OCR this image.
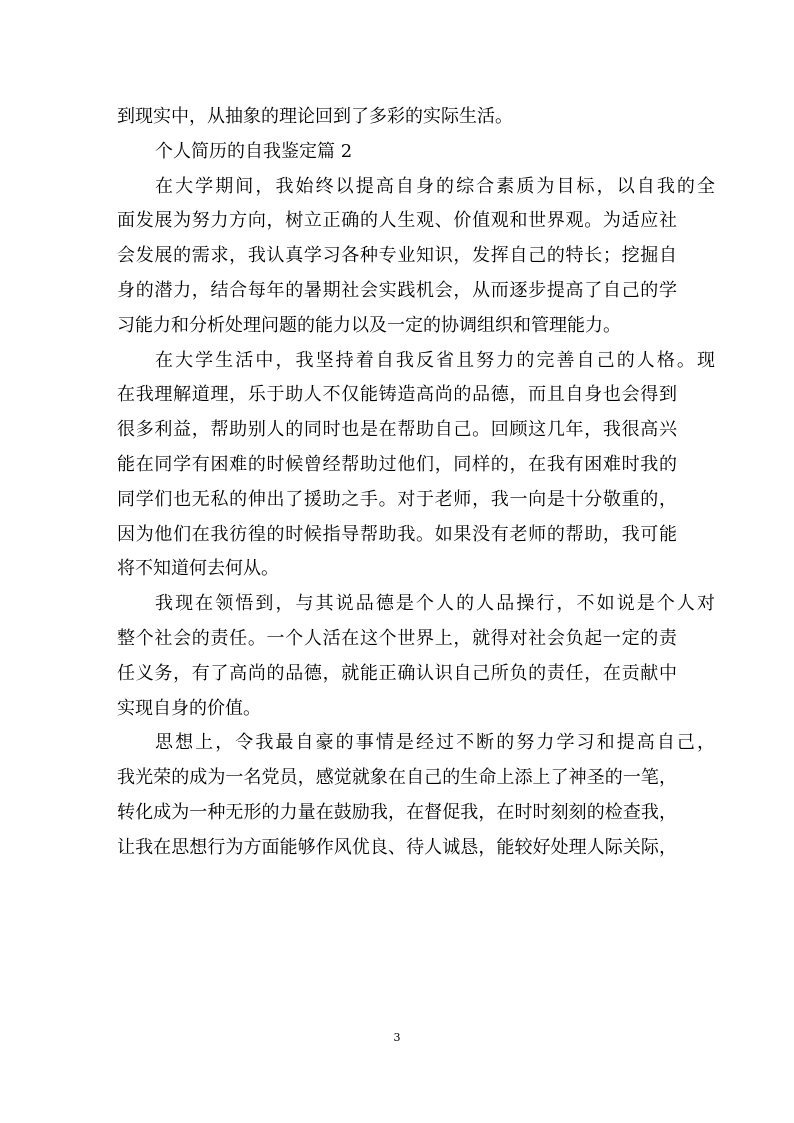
到现实中，从抽象的理论回到了多彩的实际生活。

个人简历的自我鉴定篇 2

在大学期间，我始终以提高自身的综合素质为目标，以自我的全

面发展为努力方向，树立正确的人生观、价值观和世界观。为适应社

会发展的需求，我认真学习各种专业知识，发挥自己的特长；挖掘自

身的潜力，结合每年的暑期社会实践机会，从而逐步提高了自己的学

习能力和分析处理问题的能力以及一定的协调组织和管理能力。

在大学生活中，我坚持着自我反省且努力的完善自己的人格。现

在我理解道理，乐于助人不仅能铸造高尚的品德，而且自身也会得到

很多利益，帮助别人的同时也是在帮助自己。回顾这几年，我很高兴

能在同学有困难的时候曾经帮助过他们，同样的，在我有困难时我的

同学们也无私的伸出了援助之手。对于老师，我一向是十分敬重的，

因为他们在我彷徨的时候指导帮助我。如果没有老师的帮助，我可能

将不知道何去何从。

我现在领悟到，与其说品德是个人的人品操行，不如说是个人对

整个社会的责任。一个人活在这个世界上，就得对社会负起一定的责

任义务，有了高尚的品德，就能正确认识自己所负的责任，在贡献中

实现自身的价值。

思想上，令我最自豪的事情是经过不断的努力学习和提高自己，

我光荣的成为一名党员，感觉就象在自己的生命上添上了神圣的一笔，

转化成为一种无形的力量在鼓励我，在督促我，在时时刻刻的检查我，

让我在思想行为方面能够作风优良、待人诚恳，能较好处理人际关际，

3
